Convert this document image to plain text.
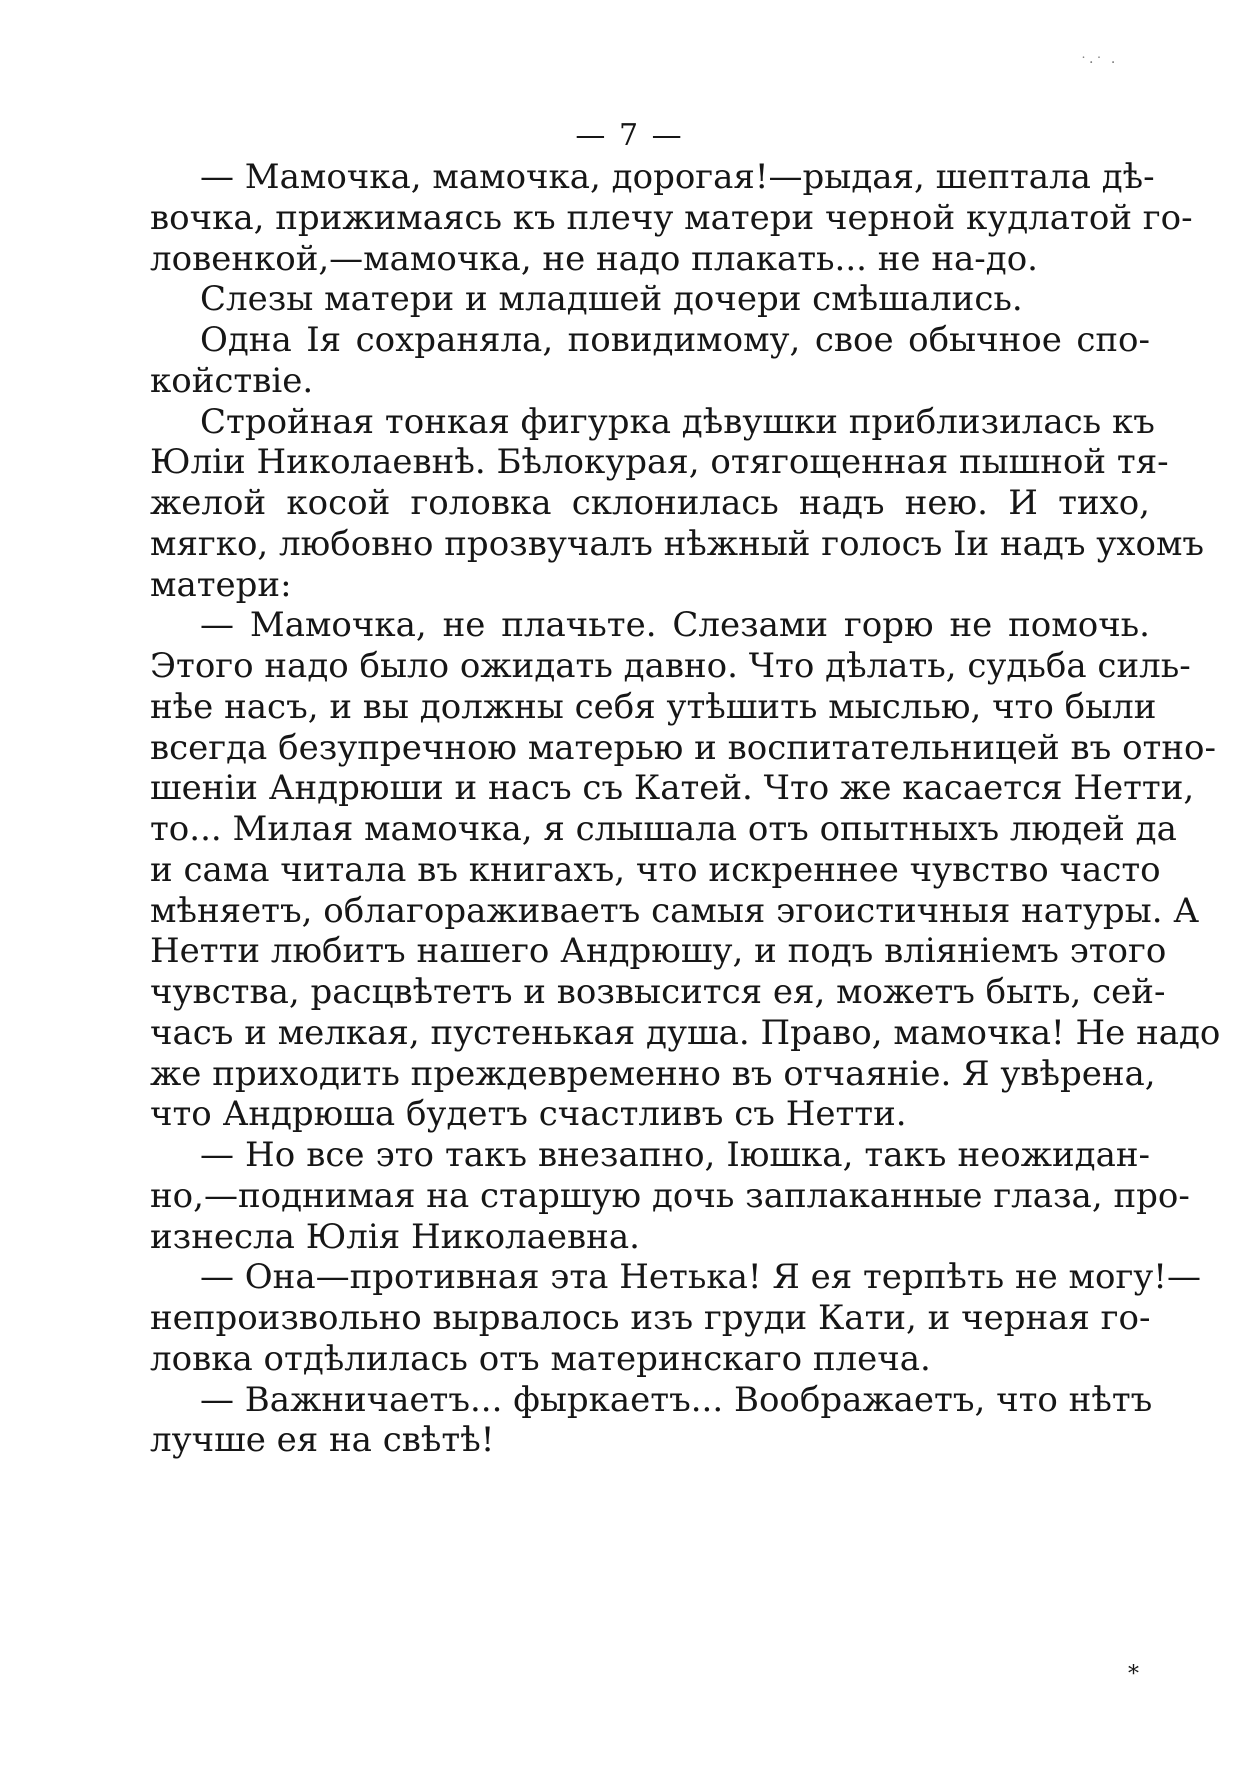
— 7 —
— Мамочка, мамочка, дорогая!—рыдая, шептала дѣ-
вочка, прижимаясь къ плечу матери черной кудлатой го-
ловенкой,—мамочка, не надо плакать... не на-до.
Слезы матери и младшей дочери смѣшались.
Одна Iя сохраняла, повидимому, свое обычное спо-
койствiе.
Стройная тонкая фигурка дѣвушки приблизилась къ
Юлiи Николаевнѣ. Бѣлокурая, отягощенная пышной тя-
желой косой головка склонилась надъ нею. И тихо,
мягко, любовно прозвучалъ нѣжный голосъ Iи надъ ухомъ
матери:
— Мамочка, не плачьте. Слезами горю не помочь.
Этого надо было ожидать давно. Что дѣлать, судьба силь-
нѣе насъ, и вы должны себя утѣшить мыслью, что были
всегда безупречною матерью и воспитательницей въ отно-
шенiи Андрюши и насъ съ Катей. Что же касается Нетти,
то... Милая мамочка, я слышала отъ опытныхъ людей да
и сама читала въ книгахъ, что искреннее чувство часто
мѣняетъ, облагораживаетъ самыя эгоистичныя натуры. А
Нетти любитъ нашего Андрюшу, и подъ влiянiемъ этого
чувства, расцвѣтетъ и возвысится ея, можетъ быть, сей-
часъ и мелкая, пустенькая душа. Право, мамочка! Не надо
же приходить преждевременно въ отчаянiе. Я увѣрена,
что Андрюша будетъ счастливъ съ Нетти.
— Но все это такъ внезапно, Iюшка, такъ неожидан-
но,—поднимая на старшую дочь заплаканные глаза, про-
изнесла Юлiя Николаевна.
— Она—противная эта Нетька! Я ея терпѣть не могу!—
непроизвольно вырвалось изъ груди Кати, и черная го-
ловка отдѣлилась отъ материнскаго плеча.
— Важничаетъ... фыркаетъ... Воображаетъ, что нѣтъ
лучше ея на свѣтѣ!
˙·˙ ·
*
